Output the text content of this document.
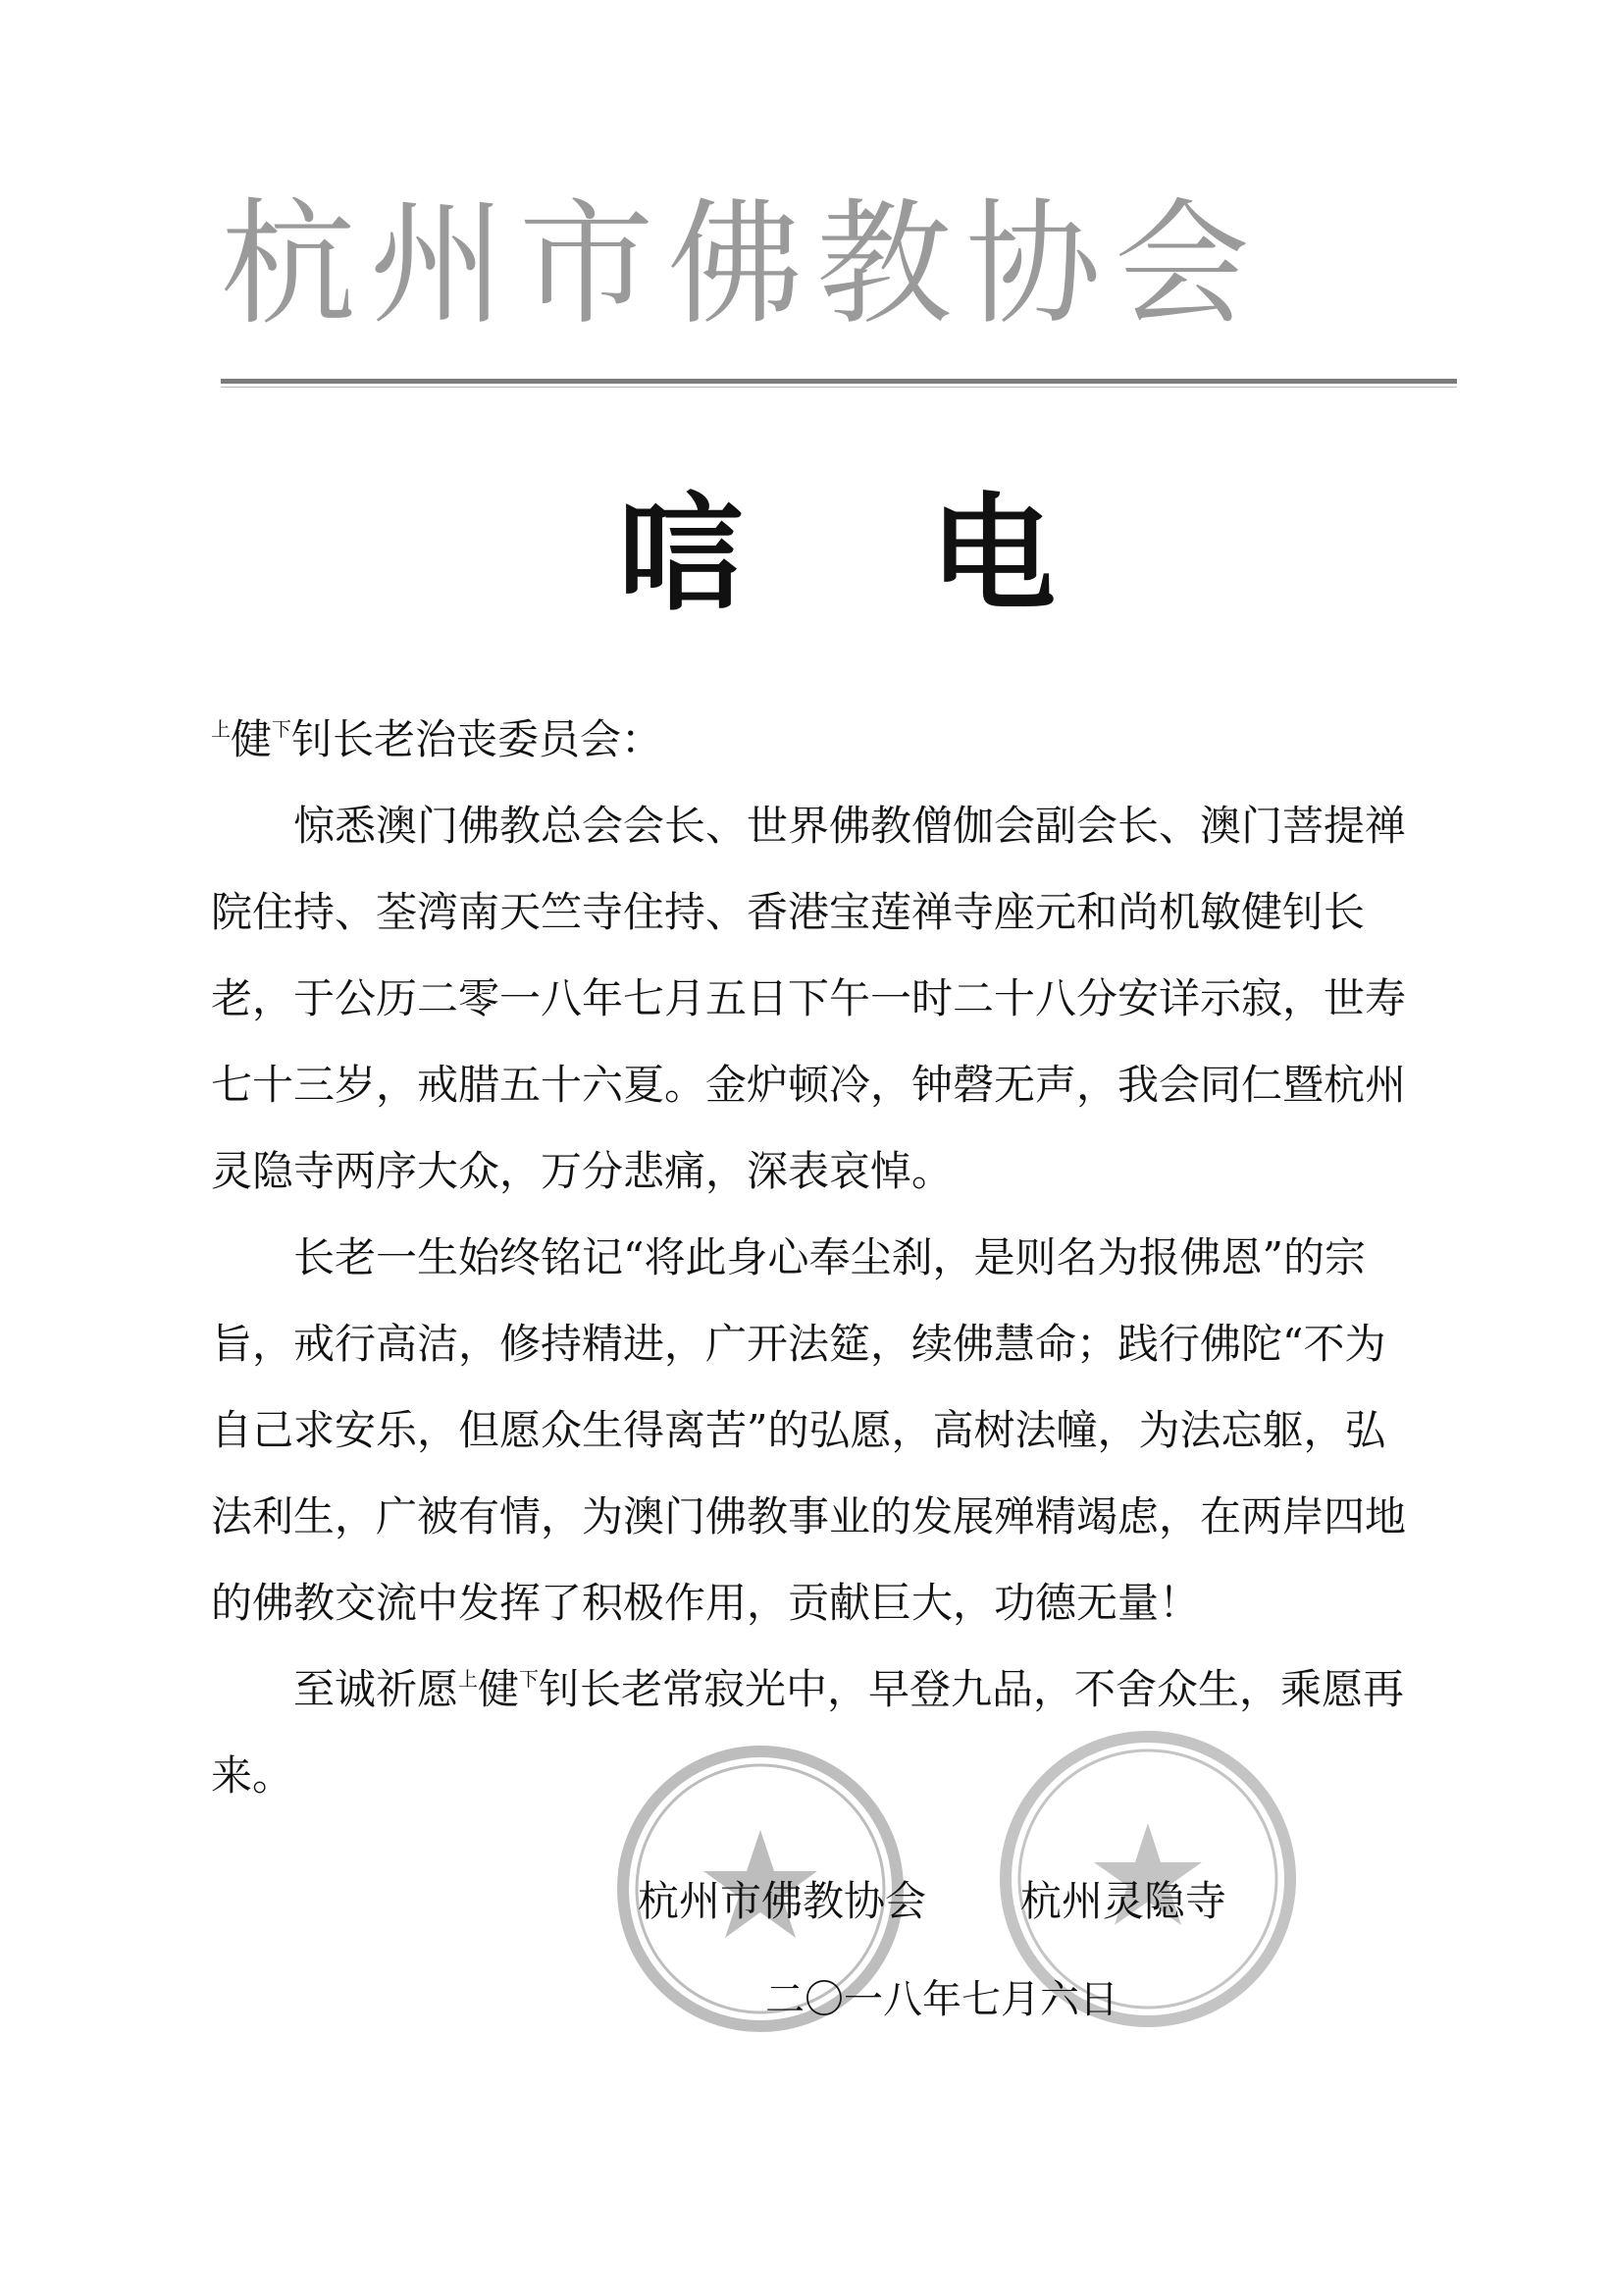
杭州市佛教协会
唁电

$^上$健$^下$钊长老治丧委员会：

惊悉澳门佛教总会会长、世界佛教僧伽会副会长、澳门菩提禅院住持、荃湾南天竺寺住持、香港宝莲禅寺座元和尚机敏健钊长老，于公历二零一八年七月五日下午一时二十八分安详示寂，世寿七十三岁，戒腊五十六夏。金炉顿冷，钟磬无声，我会同仁暨杭州灵隐寺两序大众，万分悲痛，深表哀悼。

长老一生始终铭记“将此身心奉尘刹，是则名为报佛恩”的宗旨，戒行高洁，修持精进，广开法筵，续佛慧命；践行佛陀“不为自己求安乐，但愿众生得离苦”的弘愿，高树法幢，为法忘躯，弘法利生，广被有情，为澳门佛教事业的发展殚精竭虑，在两岸四地的佛教交流中发挥了积极作用，贡献巨大，功德无量！

至诚祈愿$^上$健$^下$钊长老常寂光中，早登九品，不舍众生，乘愿再来。

杭州市佛教协会 杭州灵隐寺
二〇一八年七月六日
